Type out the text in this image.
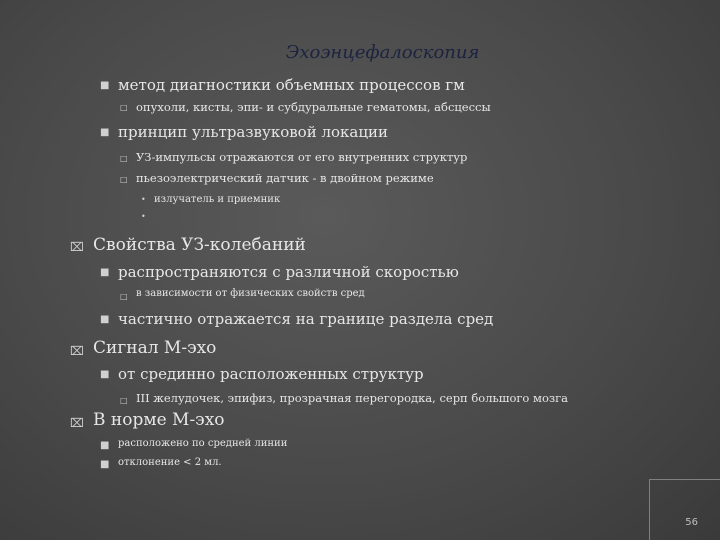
Эхоэнцефалоскопия
■ метод диагностики объемных процессов гм
□ опухоли, кисты, эпи- и субдуральные гематомы, абсцессы
■ принцип ультразвуковой локации
□ УЗ-импульсы отражаются от его внутренних структур
□ пьезоэлектрический датчик - в двойном режиме
• излучатель и приемник
•
⌧ Свойства УЗ-колебаний
■ распространяются с различной скоростью
□ в зависимости от физических свойств сред
■ частично отражается на границе раздела сред
⌧ Сигнал М-эхо
■ от срединно расположенных структур
□ III желудочек, эпифиз, прозрачная перегородка, серп большого мозга
⌧ В норме М-эхо
■ расположено по средней линии
■ отклонение < 2 мл.
56
